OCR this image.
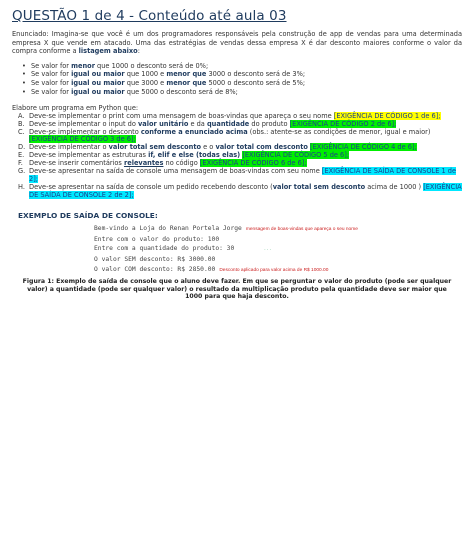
QUESTÃO 1 de 4 - Conteúdo até aula 03

Enunciado: Imagina-se que você é um dos programadores responsáveis pela construção de app de vendas para uma determinada empresa X que vende em atacado. Uma das estratégias de vendas dessa empresa X é dar desconto maiores conforme o valor da compra conforme a listagem abaixo:

• Se valor for menor que 1000 o desconto será de 0%;
• Se valor for igual ou maior que 1000 e menor que 3000 o desconto será de 3%;
• Se valor for igual ou maior que 3000 e menor que 5000 o desconto será de 5%;
• Se valor for igual ou maior que 5000 o desconto será de 8%;

Elabore um programa em Python que:

A. Deve-se implementar o print com uma mensagem de boas-vindas que apareça o seu nome [EXIGÊNCIA DE CÓDIGO 1 de 6];
B. Deve-se implementar o input do valor unitário e da quantidade do produto [EXIGÊNCIA DE CÓDIGO 2 de 6];
C. Deve-se implementar o desconto conforme a enunciado acima (obs.: atente-se as condições de menor, igual e maior) [EXIGÊNCIA DE CÓDIGO 3 de 6];
D. Deve-se implementar o valor total sem desconto e o valor total com desconto [EXIGÊNCIA DE CÓDIGO 4 de 6];
E. Deve-se implementar as estruturas if, elif e else (todas elas) [EXIGÊNCIA DE CÓDIGO 5 de 6];
F. Deve-se inserir comentários relevantes no código [EXIGÊNCIA DE CÓDIGO 6 de 6];
G. Deve-se apresentar na saída de console uma mensagem de boas-vindas com seu nome [EXIGÊNCIA DE SAÍDA DE CONSOLE 1 de 2];
H. Deve-se apresentar na saída de console um pedido recebendo desconto (valor total sem desconto acima de 1000 ) [EXIGÊNCIA DE SAÍDA DE CONSOLE 2 de 2];
EXEMPLO DE SAÍDA DE CONSOLE:
Bem-vindo a Loja do Renan Portela Jorge mensagem de boas-vindas que apareça o seu nome
Entre com o valor do produto: 100
Entre com a quantidade do produto: 30	. . .
O valor SEM desconto: R$ 3000.00
O valor COM desconto: R$ 2850.00 Desconto aplicado para valor acima de R$ 1000.00

Figura 1: Exemplo de saída de console que o aluno deve fazer. Em que se perguntar o valor do produto (pode ser qualquer valor) a quantidade (pode ser qualquer valor) o resultado da multiplicação produto pela quantidade deve ser maior que 1000 para que haja desconto.
